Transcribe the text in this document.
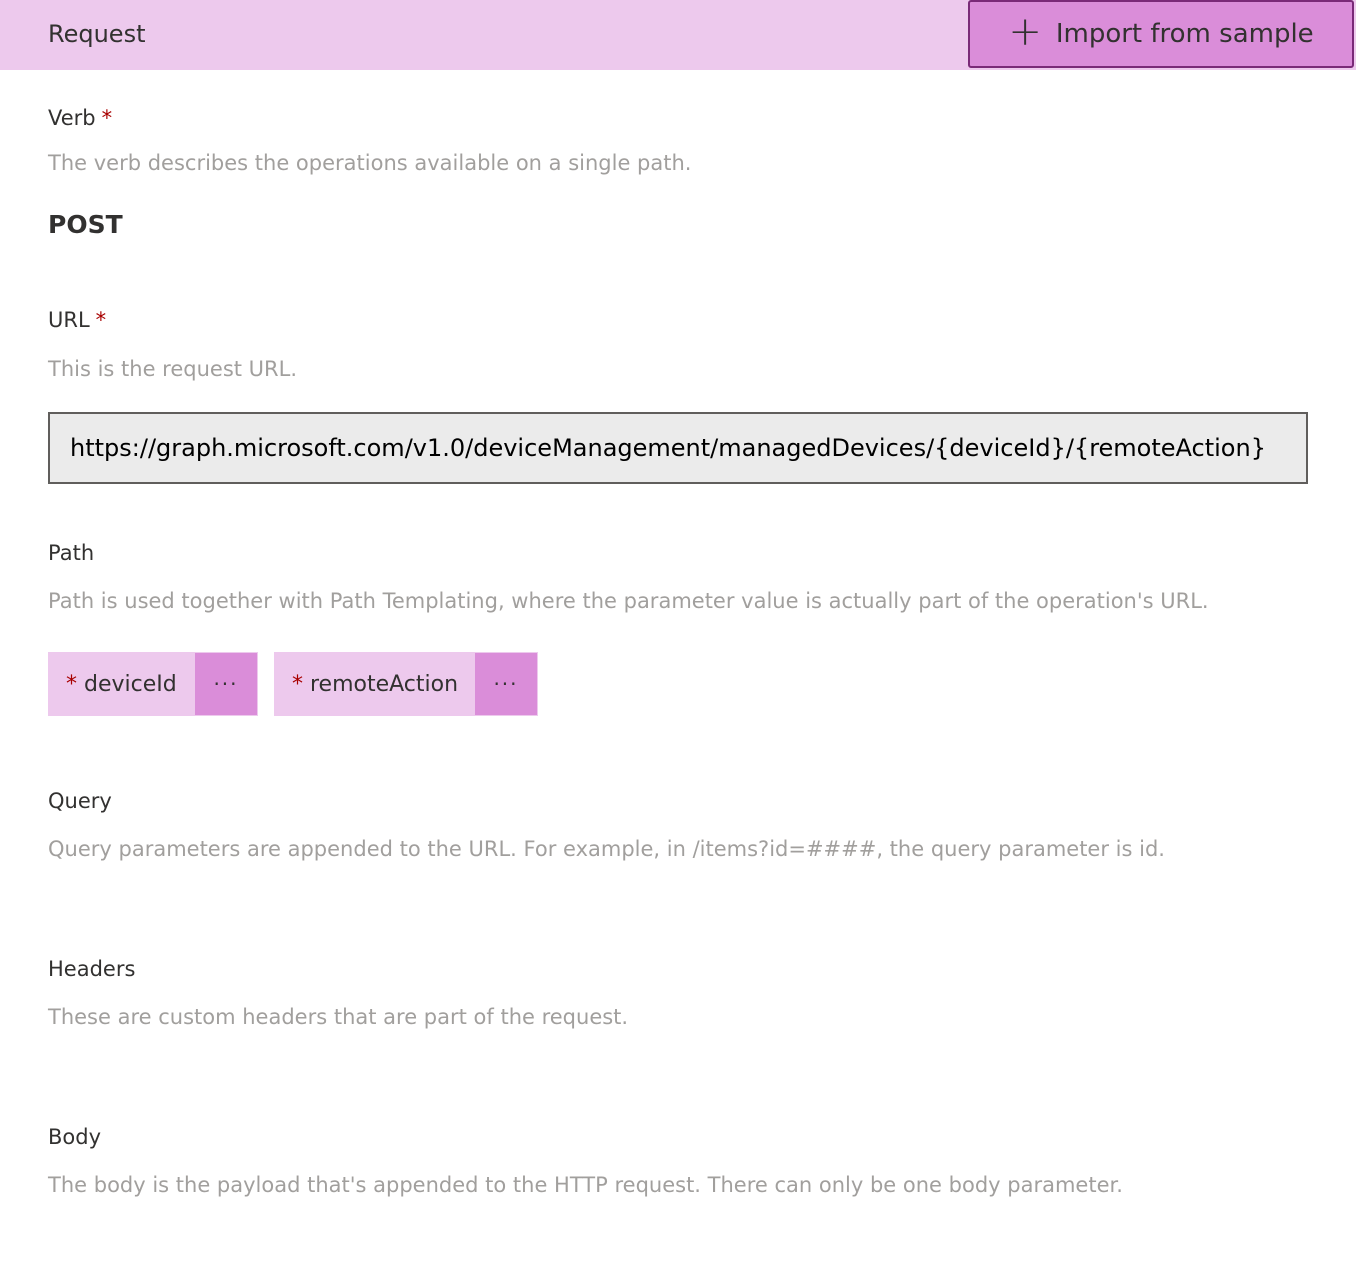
Request	+ Import from sample
Verb *
The verb describes the operations available on a single path.
POST
URL *
This is the request URL.
https://graph.microsoft.com/v1.0/deviceManagement/managedDevices/{deviceId}/{remoteAction}
Path
Path is used together with Path Templating, where the parameter value is actually part of the operation's URL.
* deviceId	···	* remoteAction	···
Query
Query parameters are appended to the URL. For example, in /items?id=####, the query parameter is id.
Headers
These are custom headers that are part of the request.
Body
The body is the payload that's appended to the HTTP request. There can only be one body parameter.
